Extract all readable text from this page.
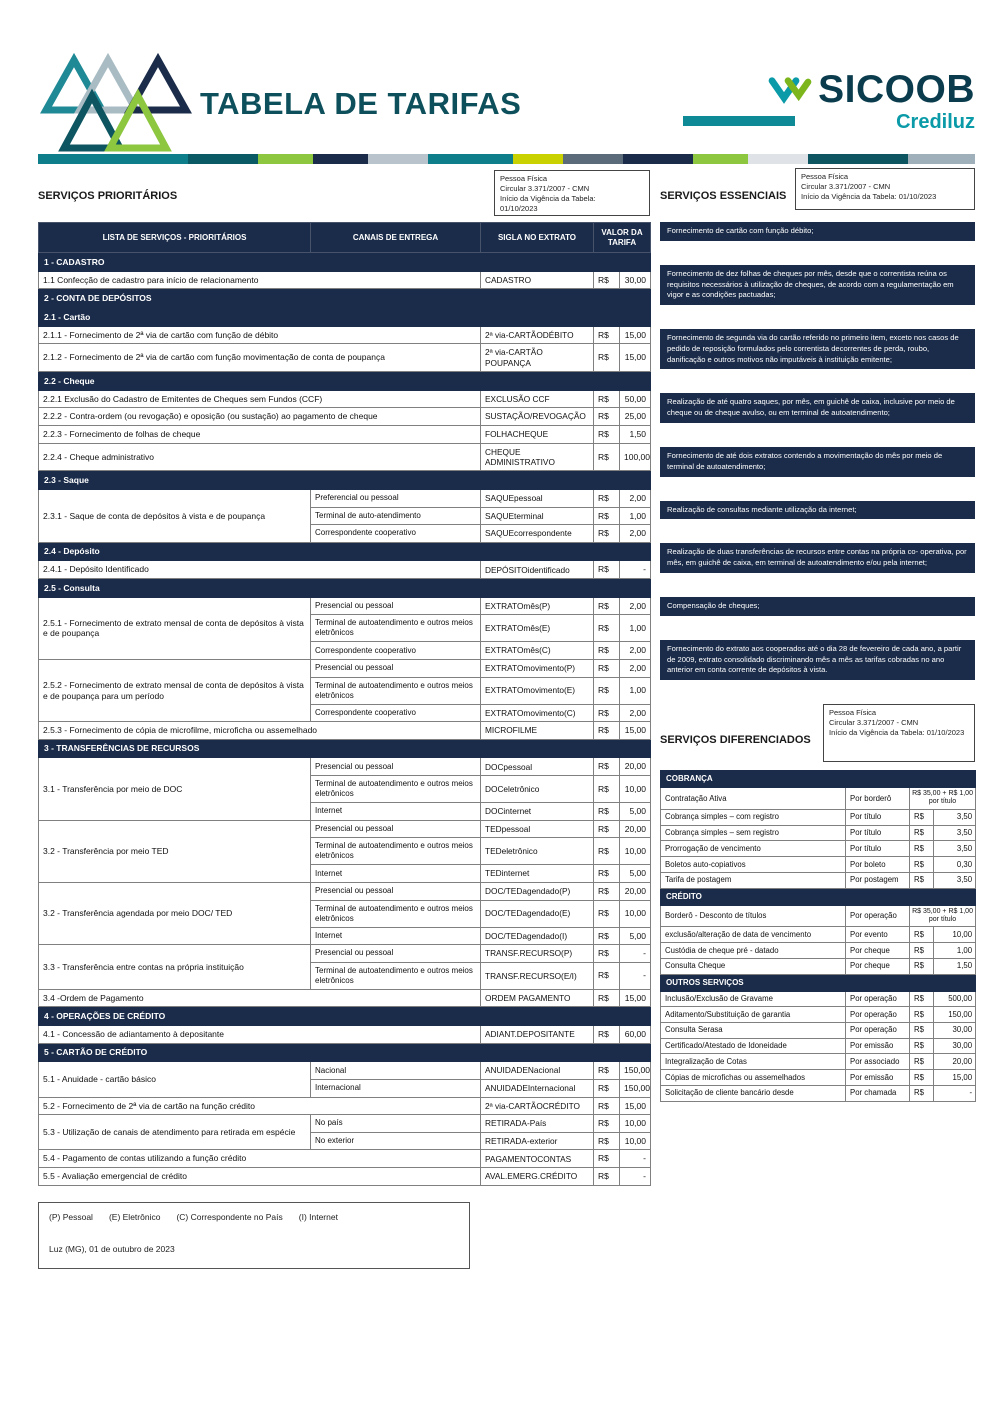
TABELA DE TARIFAS	SICOOB
Crediluz
SERVIÇOS PRIORITÁRIOS
Pessoa Física
Circular 3.371/2007 - CMN
Início da Vigência da Tabela:
01/10/2023
LISTA DE SERVIÇOS - PRIORITÁRIOS	CANAIS DE ENTREGA	SIGLA NO EXTRATO	VALOR DA TARIFA	
1 - CADASTRO				
1.1 Confecção de cadastro para início de relacionamento		CADASTRO	R$	30,00
2 - CONTA DE DEPÓSITOS				
2.1 - Cartão				
2.1.1 - Fornecimento de 2ª via de cartão com função de débito		2ª via-CARTÃODÉBITO	R$	15,00
2.1.2 - Fornecimento de 2ª via de cartão com função movimentação de conta de poupança		2ª via-CARTÃO POUPANÇA	R$	15,00
2.2 - Cheque				
2.2.1 Exclusão do Cadastro de Emitentes de Cheques sem Fundos (CCF)		EXCLUSÃO CCF	R$	50,00
2.2.2 - Contra-ordem (ou revogação) e oposição (ou sustação) ao pagamento de cheque		SUSTAÇÃO/REVOGAÇÃO	R$	25,00
2.2.3 - Fornecimento de folhas de cheque		FOLHACHEQUE	R$	1,50
2.2.4 - Cheque administrativo		CHEQUE ADMINISTRATIVO	R$	100,00
2.3 - Saque				
2.3.1 - Saque de conta de depósitos à vista e de poupança	Preferencial ou pessoal	SAQUEpessoal	R$	2,00
	Terminal de auto-atendimento	SAQUEterminal	R$	1,00
	Correspondente cooperativo	SAQUEcorrespondente	R$	2,00
2.4 - Depósito				
2.4.1 - Depósito Identificado		DEPÓSITOidentificado	R$	-
2.5 - Consulta				
2.5.1 - Fornecimento de extrato mensal de conta de depósitos à vista e de poupança	Presencial ou pessoal	EXTRATOmês(P)	R$	2,00
	Terminal de autoatendimento e outros meios eletrônicos	EXTRATOmês(E)	R$	1,00
	Correspondente cooperativo	EXTRATOmês(C)	R$	2,00
2.5.2 - Fornecimento de extrato mensal de conta de depósitos à vista e de poupança para um período	Presencial ou pessoal	EXTRATOmovimento(P)	R$	2,00
	Terminal de autoatendimento e outros meios eletrônicos	EXTRATOmovimento(E)	R$	1,00
	Correspondente cooperativo	EXTRATOmovimento(C)	R$	2,00
2.5.3 - Fornecimento de cópia de microfilme, microficha ou assemelhado		MICROFILME	R$	15,00
3 - TRANSFERÊNCIAS DE RECURSOS				
3.1 - Transferência por meio de DOC	Presencial ou pessoal	DOCpessoal	R$	20,00
	Terminal de autoatendimento e outros meios eletrônicos	DOCeletrônico	R$	10,00
	Internet	DOCinternet	R$	5,00
3.2 - Transferência por meio TED	Presencial ou pessoal	TEDpessoal	R$	20,00
	Terminal de autoatendimento e outros meios eletrônicos	TEDeletrônico	R$	10,00
	Internet	TEDinternet	R$	5,00
3.2 - Transferência agendada por meio DOC/ TED	Presencial ou pessoal	DOC/TEDagendado(P)	R$	20,00
	Terminal de autoatendimento e outros meios eletrônicos	DOC/TEDagendado(E)	R$	10,00
	Internet	DOC/TEDagendado(I)	R$	5,00
3.3 - Transferência entre contas na própria instituição	Presencial ou pessoal	TRANSF.RECURSO(P)	R$	-
	Terminal de autoatendimento e outros meios eletrônicos	TRANSF.RECURSO(E/I)	R$	-
3.4 -Ordem de Pagamento		ORDEM PAGAMENTO	R$	15,00
4 - OPERAÇÕES DE CRÉDITO				
4.1 - Concessão de adiantamento à depositante		ADIANT.DEPOSITANTE	R$	60,00
5 - CARTÃO DE CRÉDITO				
5.1 - Anuidade - cartão básico	Nacional	ANUIDADENacional	R$	150,00
	Internacional	ANUIDADEInternacional	R$	150,00
5.2 - Fornecimento de 2ª via de cartão na função crédito		2ª via-CARTÃOCRÉDITO	R$	15,00
5.3 - Utilização de canais de atendimento para retirada em espécie	No país	RETIRADA-País	R$	10,00
	No exterior	RETIRADA-exterior	R$	10,00
5.4 - Pagamento de contas utilizando a função crédito		PAGAMENTOCONTAS	R$	-
5.5 - Avaliação emergencial de crédito		AVAL.EMERG.CRÉDITO	R$	-
(P) Pessoal (E) Eletrônico (C) Correspondente no País (I) Internet
Luz (MG), 01 de outubro de 2023
SERVIÇOS ESSENCIAIS
Pessoa Física
Circular 3.371/2007 - CMN
Início da Vigência da Tabela: 01/10/2023
Fornecimento de cartão com função débito;
Fornecimento de dez folhas de cheques por mês, desde que o correntista reúna os requisitos necessários à utilização de cheques, de acordo com a regulamentação em vigor e as condições pactuadas;
Fornecimento de segunda via do cartão referido no primeiro item, exceto nos casos de pedido de reposição formulados pelo correntista decorrentes de perda, roubo, danificação e outros motivos não imputáveis à instituição emitente;
Realização de até quatro saques, por mês, em guichê de caixa, inclusive por meio de cheque ou de cheque avulso, ou em terminal de autoatendimento;
Fornecimento de até dois extratos contendo a movimentação do mês por meio de terminal de autoatendimento;
Realização de consultas mediante utilização da internet;
Realização de duas transferências de recursos entre contas na própria co- operativa, por mês, em guichê de caixa, em terminal de autoatendimento e/ou pela internet;
Compensação de cheques;
Fornecimento do extrato aos cooperados até o dia 28 de fevereiro de cada ano, a partir de 2009, extrato consolidado discriminando mês a mês as tarifas cobradas no ano anterior em conta corrente de depósitos à vista.
SERVIÇOS DIFERENCIADOS
Pessoa Física
Circular 3.371/2007 - CMN
Início da Vigência da Tabela: 01/10/2023
COBRANÇA			
Contratação Ativa	Por borderô	R$ 35,00 + R$ 1,00 por título	
Cobrança simples – com registro	Por título	R$	3,50
Cobrança simples – sem registro	Por título	R$	3,50
Prorrogação de vencimento	Por título	R$	3,50
Boletos auto-copiativos	Por boleto	R$	0,30
Tarifa de postagem	Por postagem	R$	3,50
CRÉDITO			
Borderô - Desconto de títulos	Por operação	R$ 35,00 + R$ 1,00 por título	
exclusão/alteração de data de vencimento	Por evento	R$	10,00
Custódia de cheque pré - datado	Por cheque	R$	1,00
Consulta Cheque	Por cheque	R$	1,50
OUTROS SERVIÇOS			
Inclusão/Exclusão de Gravame	Por operação	R$	500,00
Aditamento/Substituição de garantia	Por operação	R$	150,00
Consulta Serasa	Por operação	R$	30,00
Certificado/Atestado de Idoneidade	Por emissão	R$	30,00
Integralização de Cotas	Por associado	R$	20,00
Cópias de microfichas ou assemelhados	Por emissão	R$	15,00
Solicitação de cliente bancário desde	Por chamada	R$	-
